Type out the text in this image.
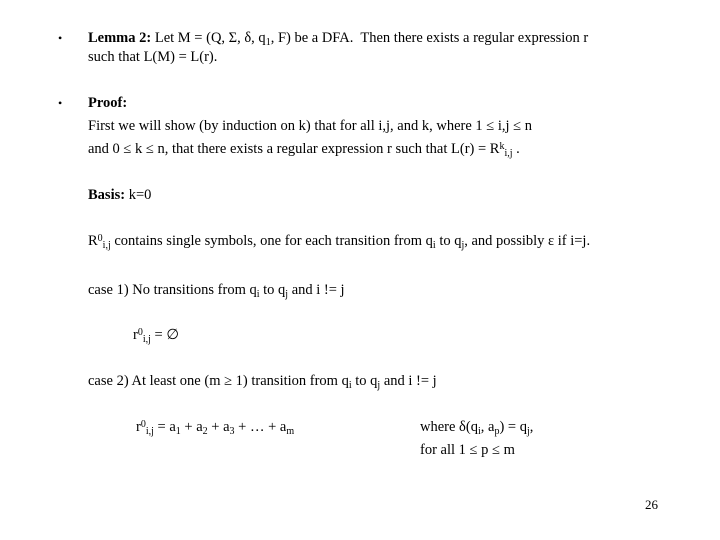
• Lemma 2: Let M = (Q, Σ, δ, $q_1$, F) be a DFA.  Then there exists a regular expression r
such that L(M) = L(r).
• Proof:
First we will show (by induction on k) that for all i,j, and k, where 1 ≤ i,j ≤ n
and 0 ≤ k ≤ n, that there exists a regular expression r such that $L(r) = R^k_{i,j}$ .
Basis: k=0
$R^0_{i,j}$ contains single symbols, one for each transition from $q_i$ to $q_j$, and possibly ε if i=j.
case 1) No transitions from $q_i$ to $q_j$ and i != j
$r^0_{i,j}$ = ∅
case 2) At least one (m ≥ 1) transition from $q_i$ to $q_j$ and i != j
$r^0_{i,j} = a_1 + a_2 + a_3$ + … + $a_m$	where $\delta(q_i$, $a_p) = q_j$,
for all 1 ≤ p ≤ m
26
